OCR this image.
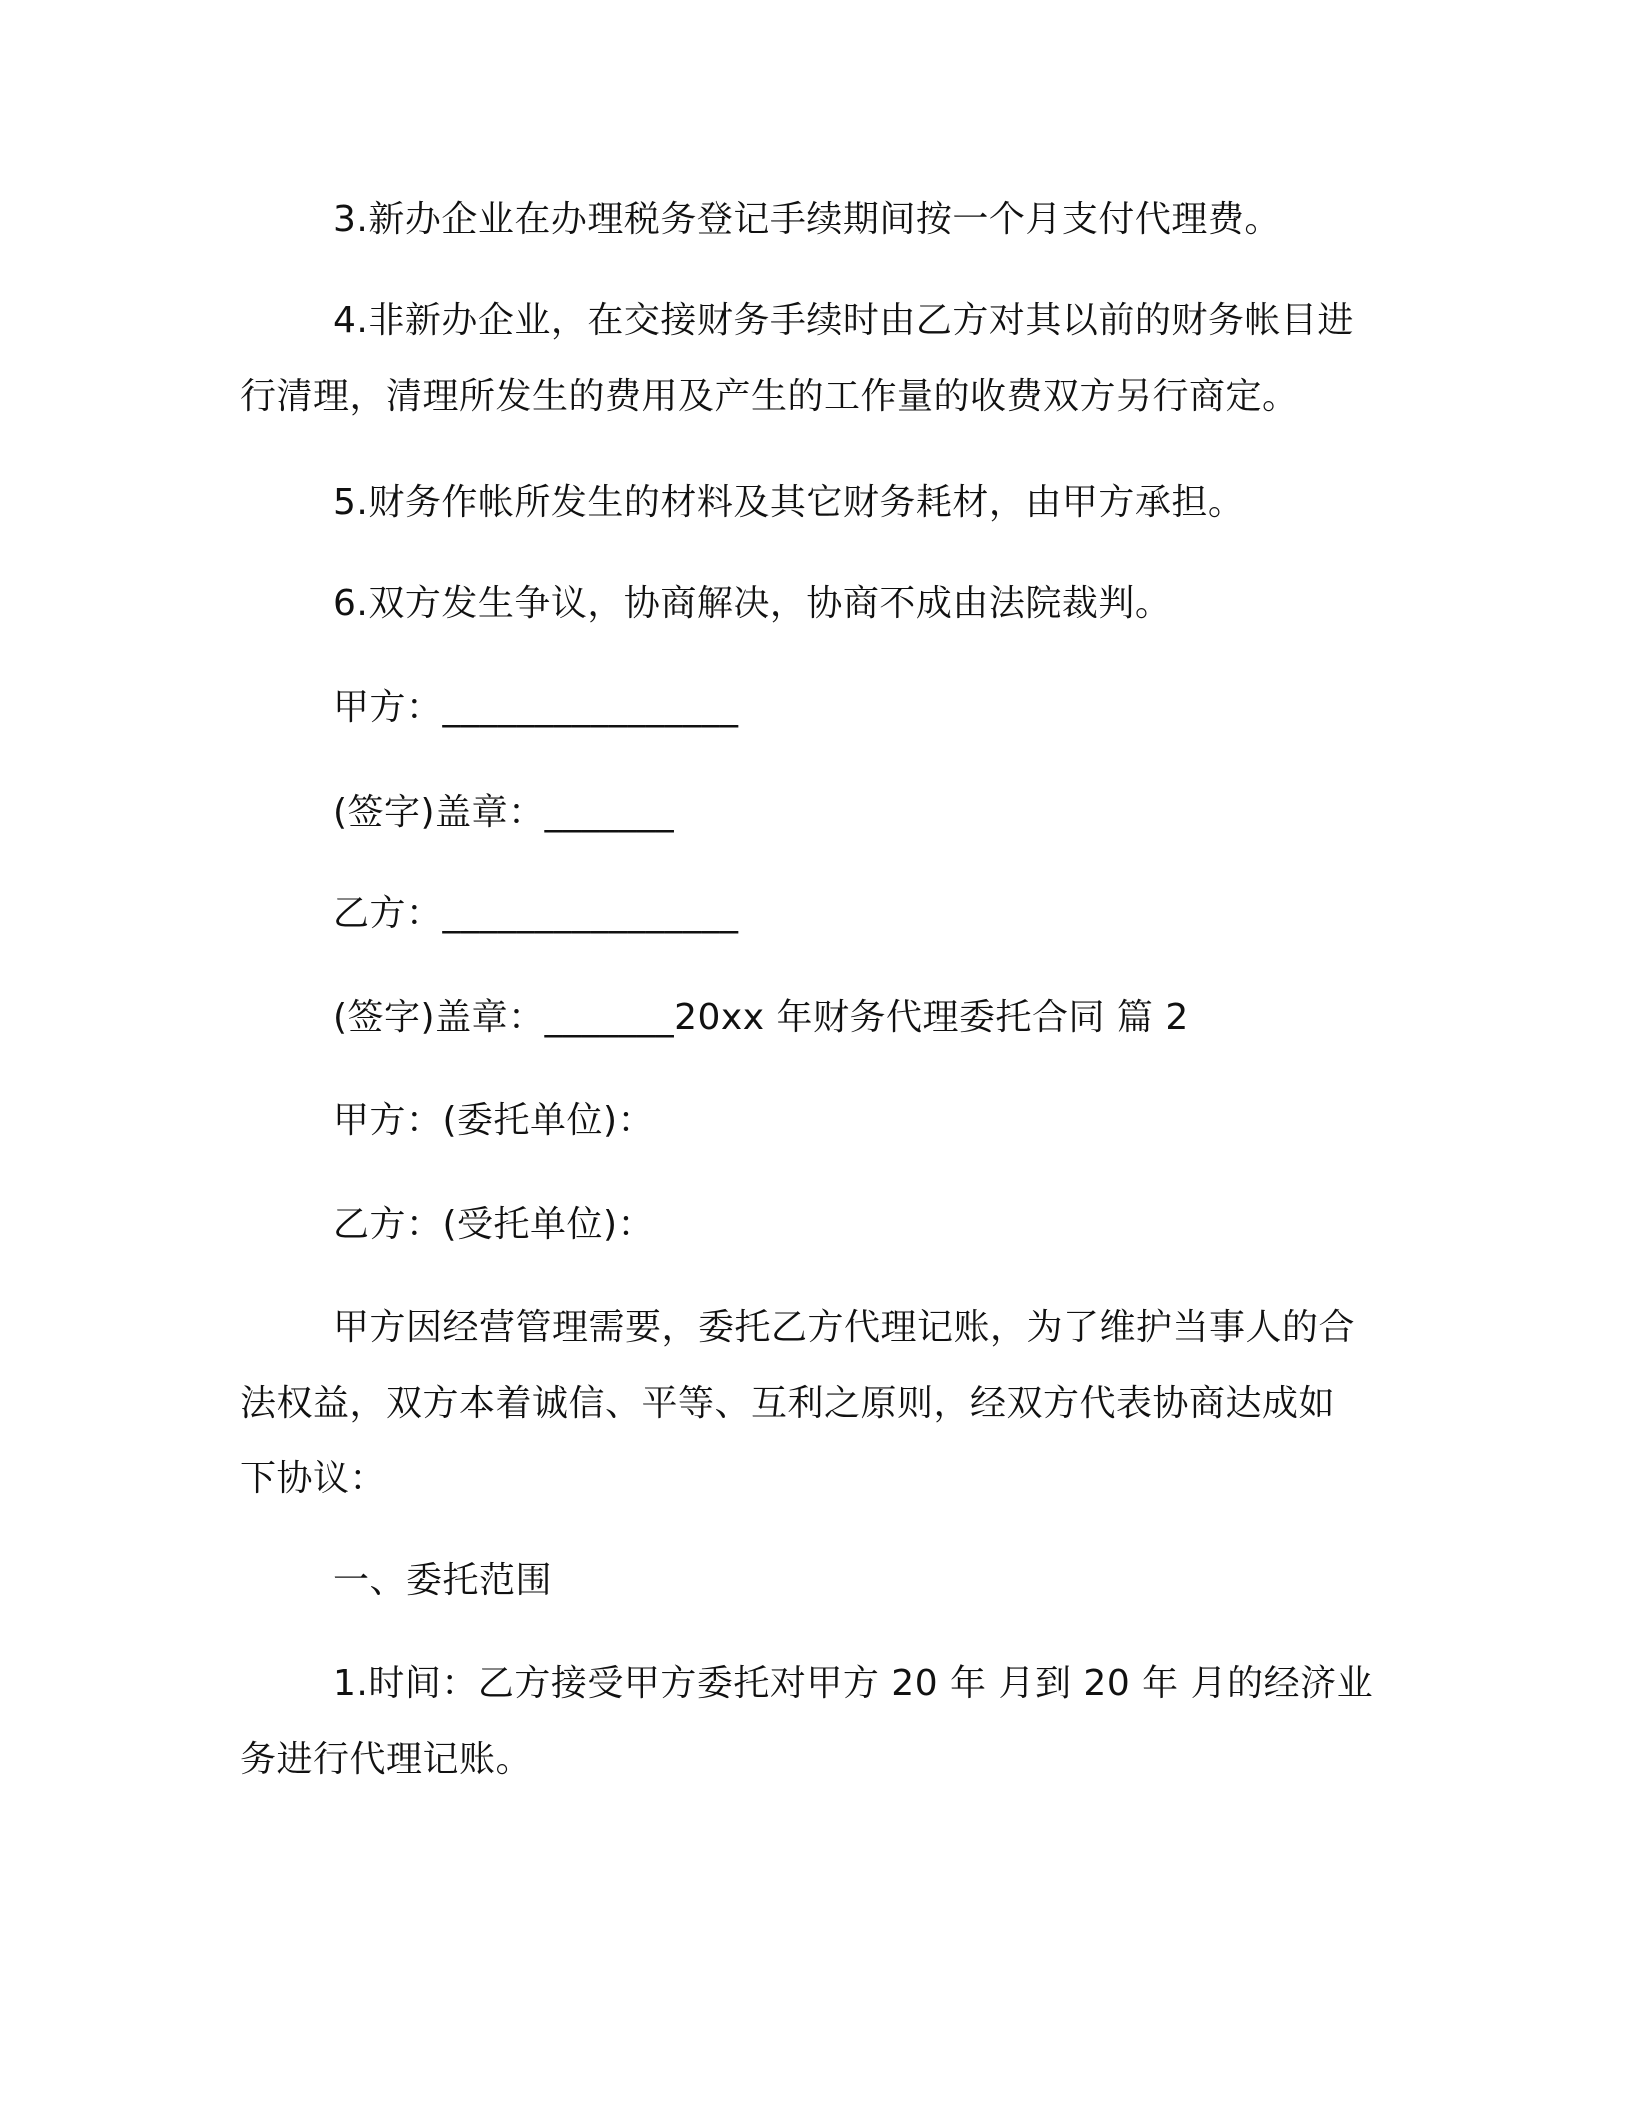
3.新办企业在办理税务登记手续期间按一个月支付代理费。
4.非新办企业，在交接财务手续时由乙方对其以前的财务帐目进
行清理，清理所发生的费用及产生的工作量的收费双方另行商定。
5.财务作帐所发生的材料及其它财务耗材，由甲方承担。
6.双方发生争议，协商解决，协商不成由法院裁判。
甲方：________________
(签字)盖章：_______
乙方：________________
(签字)盖章：_______20xx 年财务代理委托合同 篇 2
甲方：(委托单位)：
乙方：(受托单位)：
甲方因经营管理需要，委托乙方代理记账，为了维护当事人的合
法权益，双方本着诚信、平等、互利之原则，经双方代表协商达成如
下协议：
一、委托范围
1.时间：乙方接受甲方委托对甲方 20 年 月到 20 年 月的经济业
务进行代理记账。
